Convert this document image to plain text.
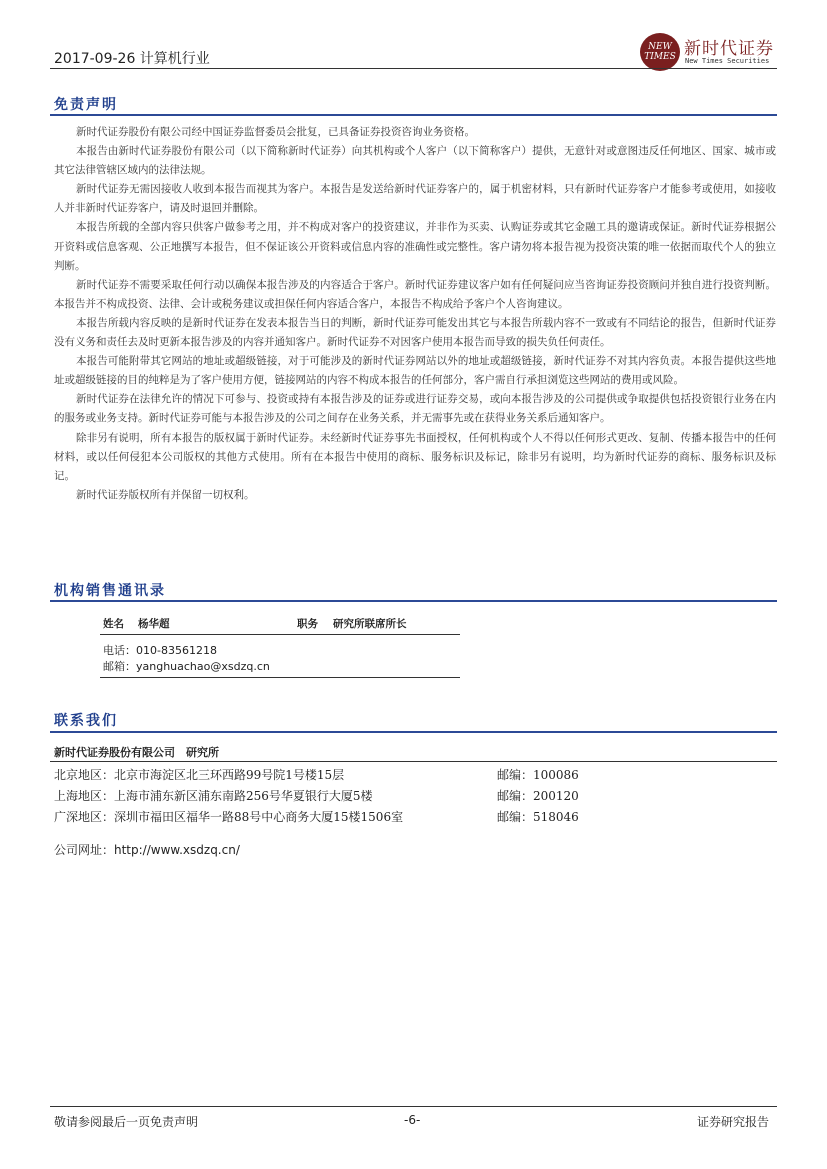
2017-09-26 计算机行业
NEW
TIMES 新时代证券
New Times Securities
免责声明

新时代证券股份有限公司经中国证券监督委员会批复，已具备证券投资咨询业务资格。

本报告由新时代证券股份有限公司（以下简称新时代证券）向其机构或个人客户（以下简称客户）提供，无意针对或意图违反任何地区、国家、城市或其它法律管辖区域内的法律法规。

新时代证券无需因接收人收到本报告而视其为客户。本报告是发送给新时代证券客户的，属于机密材料，只有新时代证券客户才能参考或使用，如接收人并非新时代证券客户，请及时退回并删除。

本报告所载的全部内容只供客户做参考之用，并不构成对客户的投资建议，并非作为买卖、认购证券或其它金融工具的邀请或保证。新时代证券根据公开资料或信息客观、公正地撰写本报告，但不保证该公开资料或信息内容的准确性或完整性。客户请勿将本报告视为投资决策的唯一依据而取代个人的独立判断。

新时代证券不需要采取任何行动以确保本报告涉及的内容适合于客户。新时代证券建议客户如有任何疑问应当咨询证券投资顾问并独自进行投资判断。本报告并不构成投资、法律、会计或税务建议或担保任何内容适合客户，本报告不构成给予客户个人咨询建议。

本报告所载内容反映的是新时代证券在发表本报告当日的判断，新时代证券可能发出其它与本报告所载内容不一致或有不同结论的报告，但新时代证券没有义务和责任去及时更新本报告涉及的内容并通知客户。新时代证券不对因客户使用本报告而导致的损失负任何责任。

本报告可能附带其它网站的地址或超级链接，对于可能涉及的新时代证券网站以外的地址或超级链接，新时代证券不对其内容负责。本报告提供这些地址或超级链接的目的纯粹是为了客户使用方便，链接网站的内容不构成本报告的任何部分，客户需自行承担浏览这些网站的费用或风险。

新时代证券在法律允许的情况下可参与、投资或持有本报告涉及的证券或进行证券交易，或向本报告涉及的公司提供或争取提供包括投资银行业务在内的服务或业务支持。新时代证券可能与本报告涉及的公司之间存在业务关系，并无需事先或在获得业务关系后通知客户。

除非另有说明，所有本报告的版权属于新时代证券。未经新时代证券事先书面授权，任何机构或个人不得以任何形式更改、复制、传播本报告中的任何材料，或以任何侵犯本公司版权的其他方式使用。所有在本报告中使用的商标、服务标识及标记，除非另有说明，均为新时代证券的商标、服务标识及标记。

新时代证券版权所有并保留一切权利。

机构销售通讯录
姓名 杨华超	职务 研究所联席所长
电话：010-83561218
邮箱：yanghuachao@xsdzq.cn
联系我们
新时代证券股份有限公司　研究所
北京地区：北京市海淀区北三环西路99号院1号楼15层	邮编：100086
上海地区：上海市浦东新区浦东南路256号华夏银行大厦5楼	邮编：200120
广深地区：深圳市福田区福华一路88号中心商务大厦15楼1506室	邮编：518046
公司网址：http://www.xsdzq.cn/
敬请参阅最后一页免责声明	-6-	证券研究报告
